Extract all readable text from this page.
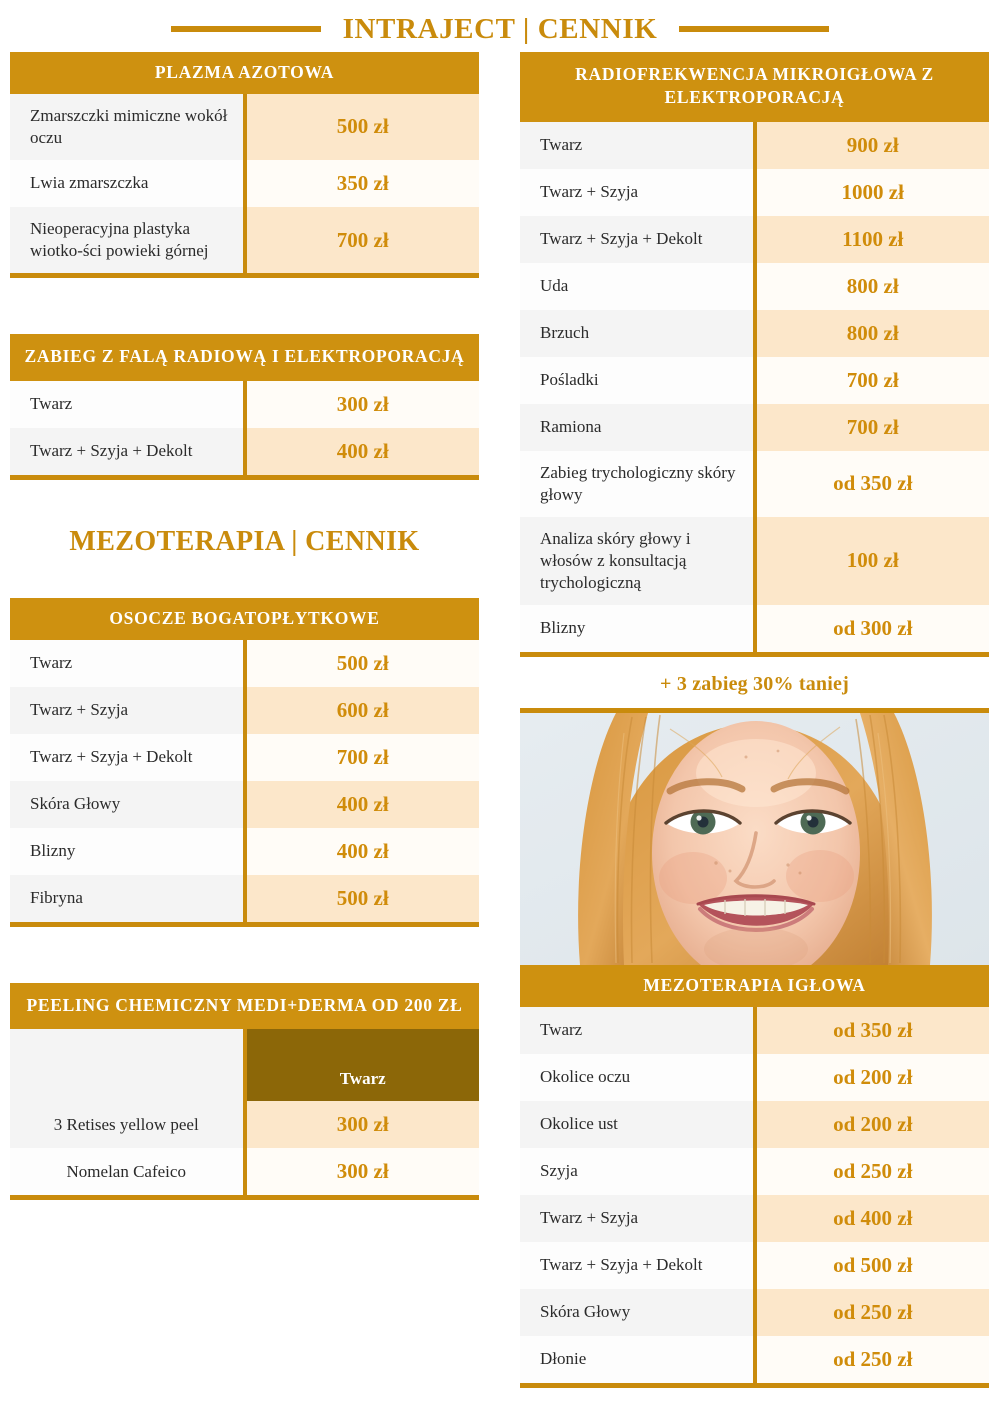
INTRAJECT | CENNIK
PLAZMA AZOTOWA	
Zmarszczki mimiczne wokół oczu	500 zł
Lwia zmarszczka	350 zł
Nieoperacyjna plastyka wiotko-ści powieki górnej	700 zł
ZABIEG Z FALĄ RADIOWĄ I ELEKTROPORACJĄ	
Twarz	300 zł
Twarz + Szyja + Dekolt	400 zł
MEZOTERAPIA | CENNIK
OSOCZE BOGATOPŁYTKOWE	
Twarz	500 zł
Twarz + Szyja	600 zł
Twarz + Szyja + Dekolt	700 zł
Skóra Głowy	400 zł
Blizny	400 zł
Fibryna	500 zł
PEELING CHEMICZNY MEDI+DERMA OD 200 ZŁ	
	Twarz
3 Retises yellow peel	300 zł
Nomelan Cafeico	300 zł
RADIOFREKWENCJA MIKROIGŁOWA Z ELEKTROPORACJĄ	
Twarz	900 zł
Twarz + Szyja	1000 zł
Twarz + Szyja + Dekolt	1100 zł
Uda	800 zł
Brzuch	800 zł
Pośladki	700 zł
Ramiona	700 zł
Zabieg trychologiczny skóry głowy	od 350 zł
Analiza skóry głowy i włosów z konsultacją trychologiczną	100 zł
Blizny	od 300 zł
+ 3 zabieg 30% taniej
MEZOTERAPIA IGŁOWA	
Twarz	od 350 zł
Okolice oczu	od 200 zł
Okolice ust	od 200 zł
Szyja	od 250 zł
Twarz + Szyja	od 400 zł
Twarz + Szyja + Dekolt	od 500 zł
Skóra Głowy	od 250 zł
Dłonie	od 250 zł
